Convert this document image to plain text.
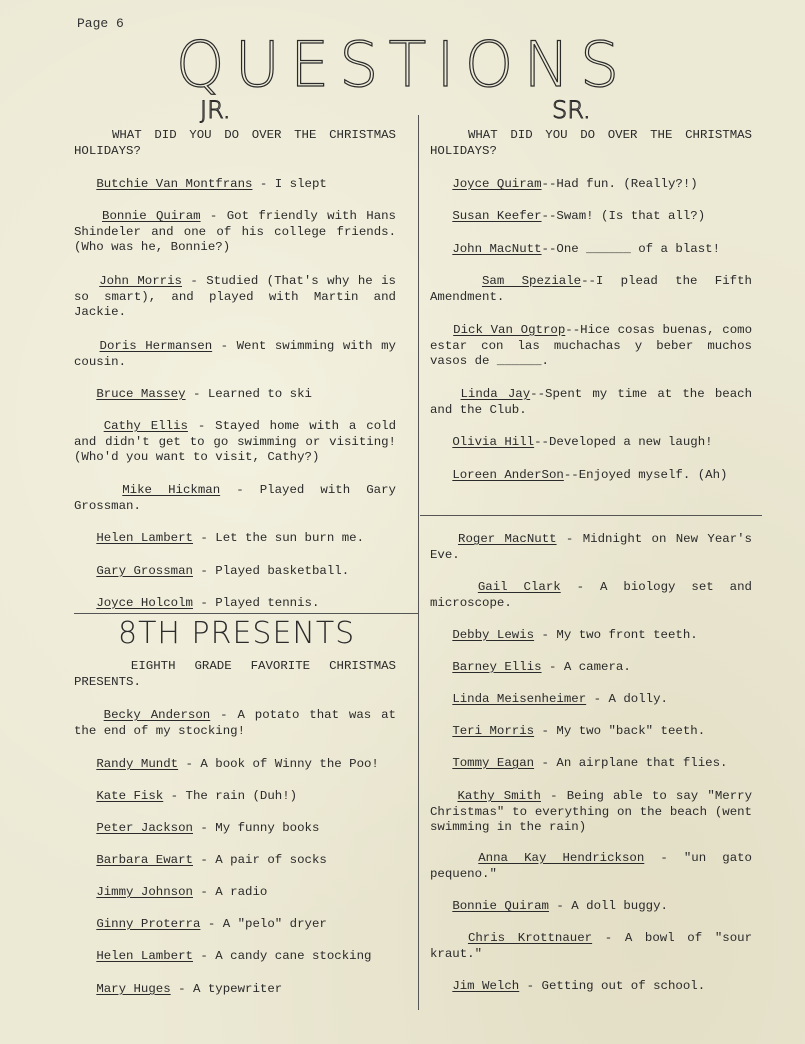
Page 6
QUESTIONS
JR.	SR.
WHAT DID YOU DO OVER THE CHRISTMAS HOLIDAYS?
Butchie Van Montfrans - I slept
Bonnie Quiram - Got friendly with Hans Shindeler and one of his college friends. (Who was he, Bonnie?)
John Morris - Studied (That's why he is so smart), and played with Martin and Jackie.
Doris Hermansen - Went swimming with my cousin.
Bruce Massey - Learned to ski
Cathy Ellis - Stayed home with a cold and didn't get to go swimming or visiting! (Who'd you want to visit, Cathy?)
Mike Hickman - Played with Gary Grossman.
Helen Lambert - Let the sun burn me.
Gary Grossman - Played basketball.
Joyce Holcolm - Played tennis.
EIGHTH GRADE FAVORITE CHRISTMAS PRESENTS.
Becky Anderson - A potato that was at the end of my stocking!
Randy Mundt - A book of Winny the Poo!
Kate Fisk - The rain (Duh!)
Peter Jackson - My funny books
Barbara Ewart - A pair of socks
Jimmy Johnson - A radio
Ginny Proterra - A "pelo" dryer
Helen Lambert - A candy cane stocking
Mary Huges - A typewriter
8TH PRESENTS
WHAT DID YOU DO OVER THE CHRISTMAS HOLIDAYS?
Joyce Quiram--Had fun. (Really?!)
Susan Keefer--Swam! (Is that all?)
John MacNutt--One ______ of a blast!
Sam Speziale--I plead the Fifth Amendment.
Dick Van Ogtrop--Hice cosas buenas, como estar con las muchachas y beber muchos vasos de ______.
Linda Jay--Spent my time at the beach and the Club.
Olivia Hill--Developed a new laugh!
Loreen AnderSon--Enjoyed myself. (Ah)
Roger MacNutt - Midnight on New Year's Eve.
Gail Clark - A biology set and microscope.
Debby Lewis - My two front teeth.
Barney Ellis - A camera.
Linda Meisenheimer - A dolly.
Teri Morris - My two "back" teeth.
Tommy Eagan - An airplane that flies.
Kathy Smith - Being able to say "Merry Christmas" to everything on the beach (went swimming in the rain)
Anna Kay Hendrickson - "un gato pequeno."
Bonnie Quiram - A doll buggy.
Chris Krottnauer - A bowl of "sour kraut."
Jim Welch - Getting out of school.
